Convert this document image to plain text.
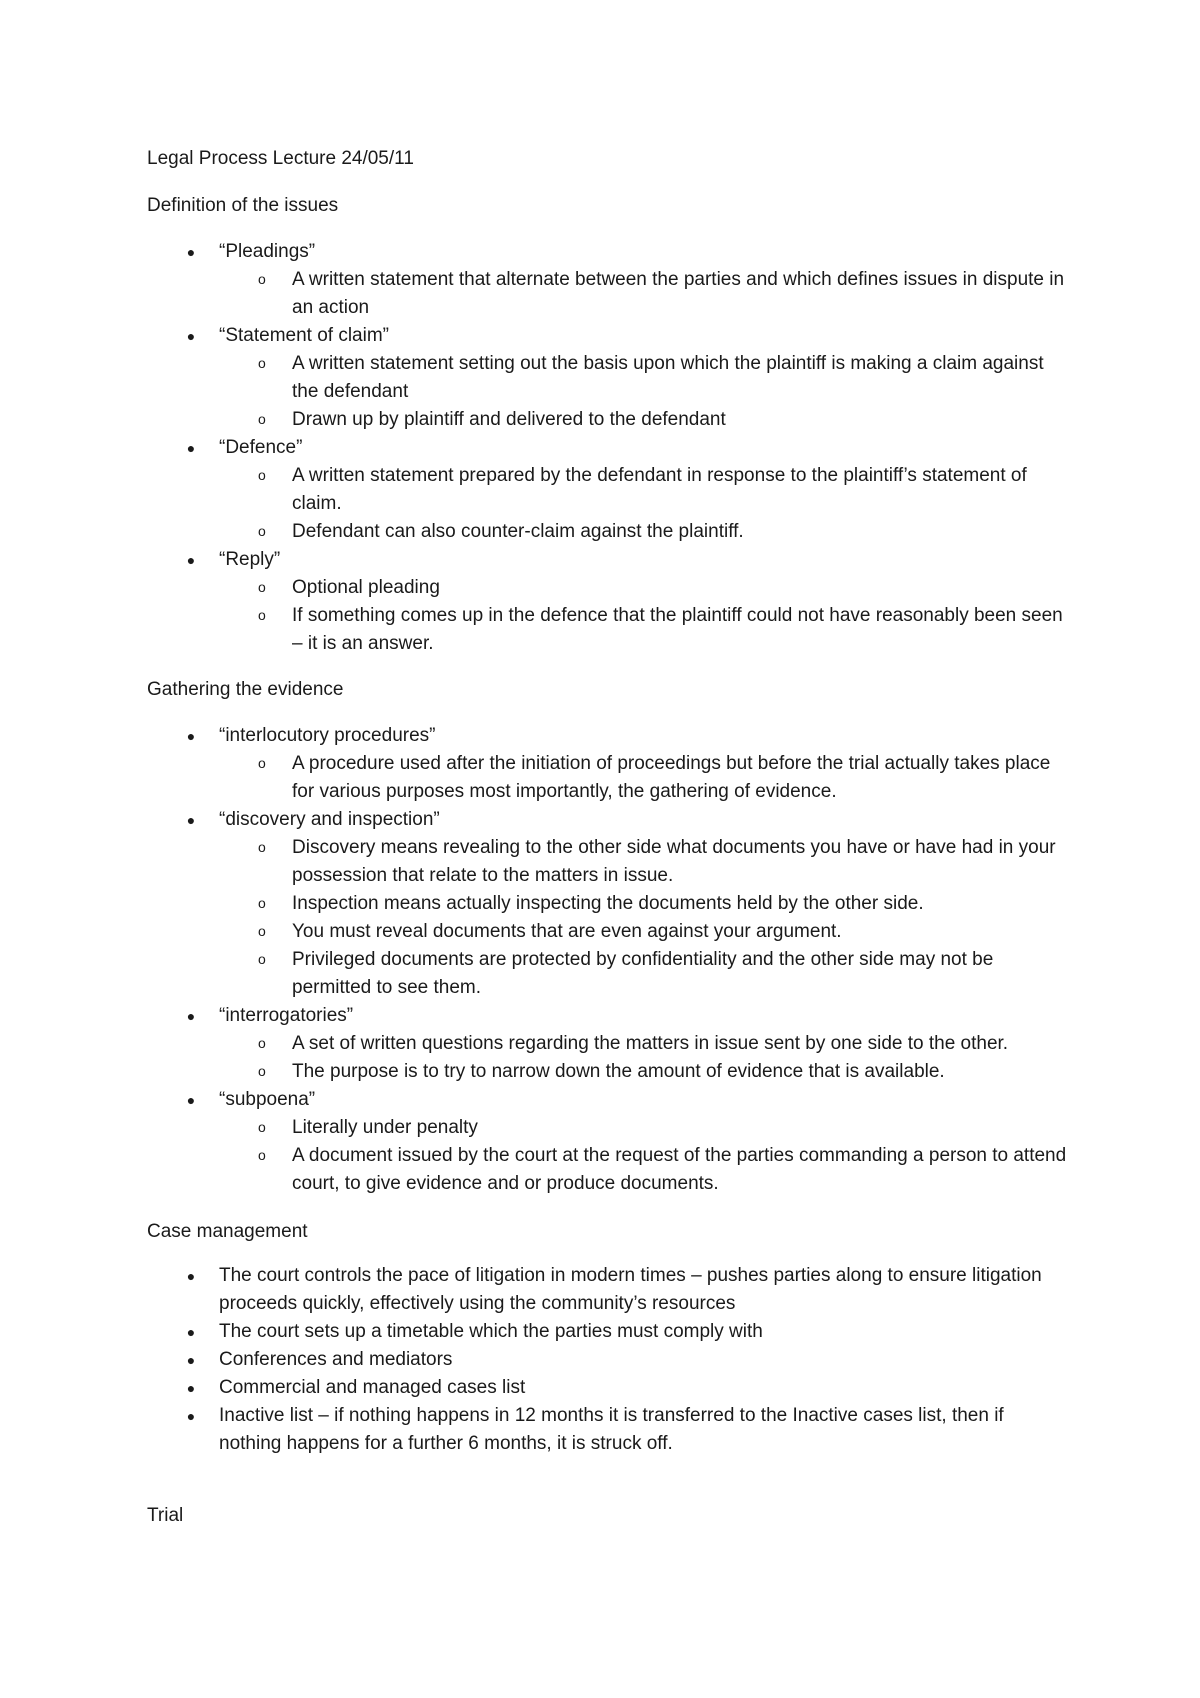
Legal Process Lecture 24/05/11

Definition of the issues

● “Pleadings”
o A written statement that alternate between the parties and which defines issues in dispute in an action
● “Statement of claim”
o A written statement setting out the basis upon which the plaintiff is making a claim against the defendant
o Drawn up by plaintiff and delivered to the defendant
● “Defence”
o A written statement prepared by the defendant in response to the plaintiff’s statement of claim.
o Defendant can also counter-claim against the plaintiff.
● “Reply”
o Optional pleading
o If something comes up in the defence that the plaintiff could not have reasonably been seen – it is an answer.

Gathering the evidence

● “interlocutory procedures”
o A procedure used after the initiation of proceedings but before the trial actually takes place for various purposes most importantly, the gathering of evidence.
● “discovery and inspection”
o Discovery means revealing to the other side what documents you have or have had in your possession that relate to the matters in issue.
o Inspection means actually inspecting the documents held by the other side.
o You must reveal documents that are even against your argument.
o Privileged documents are protected by confidentiality and the other side may not be permitted to see them.
● “interrogatories”
o A set of written questions regarding the matters in issue sent by one side to the other.
o The purpose is to try to narrow down the amount of evidence that is available.
● “subpoena”
o Literally under penalty
o A document issued by the court at the request of the parties commanding a person to attend court, to give evidence and or produce documents.

Case management

● The court controls the pace of litigation in modern times – pushes parties along to ensure litigation proceeds quickly, effectively using the community’s resources
● The court sets up a timetable which the parties must comply with
● Conferences and mediators
● Commercial and managed cases list
● Inactive list – if nothing happens in 12 months it is transferred to the Inactive cases list, then if nothing happens for a further 6 months, it is struck off.

Trial
